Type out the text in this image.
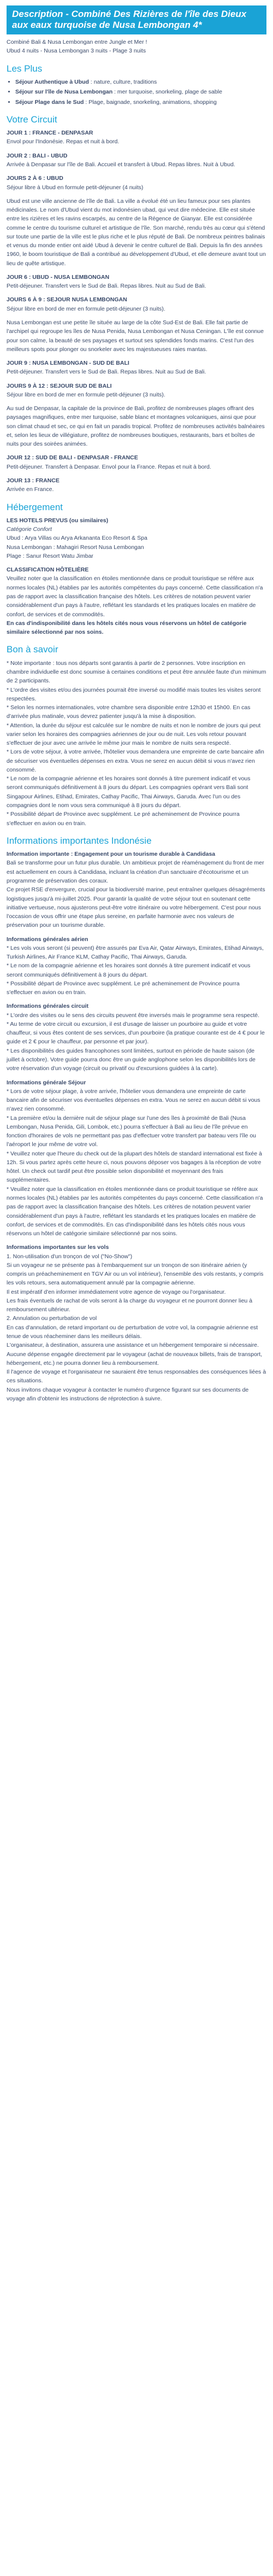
Description - Combiné Des Rizières de l'île des Dieux aux eaux turquoise de Nusa Lembongan 4*

Combiné Bali & Nusa Lembongan entre Jungle et Mer !

Ubud 4 nuits - Nusa Lembongan 3 nuits - Plage 3 nuits

Les Plus
• Séjour Authentique à Ubud : nature, culture, traditions
• Séjour sur l'île de Nusa Lembongan : mer turquoise, snorkeling, plage de sable
• Séjour Plage dans le Sud : Plage, baignade, snorkeling, animations, shopping
Votre Circuit
JOUR 1 : FRANCE - DENPASAR

Envol pour l'Indonésie. Repas et nuit à bord.

JOUR 2 : BALI - UBUD

Arrivée à Denpasar sur l'île de Bali. Accueil et transfert à Ubud. Repas libres. Nuit à Ubud.

JOURS 2 À 6 : UBUD

Séjour libre à Ubud en formule petit-déjeuner (4 nuits)

Ubud est une ville ancienne de l'île de Bali. La ville a évolué été un lieu fameux pour ses plantes médicinales. Le nom d'Ubud vient du mot indonésien ubad, qui veut dire médecine. Elle est située entre les rizières et les ravins escarpés, au centre de la Régence de Gianyar. Elle est considérée comme le centre du tourisme culturel et artistique de l'île. Son marché, rendu très au cœur qui s'étend sur toute une partie de la ville est le plus riche et le plus réputé de Bali. De nombreux peintres balinais et venus du monde entier ont aidé Ubud à devenir le centre culturel de Bali. Depuis la fin des années 1960, le boom touristique de Bali a contribué au développement d'Ubud, et elle demeure avant tout un lieu de quête artistique.

JOUR 6 : UBUD - NUSA LEMBONGAN

Petit-déjeuner. Transfert vers le Sud de Bali. Repas libres. Nuit au Sud de Bali.

JOURS 6 À 9 : SEJOUR NUSA LEMBONGAN

Séjour libre en bord de mer en formule petit-déjeuner (3 nuits).

Nusa Lembongan est une petite île située au large de la côte Sud-Est de Bali. Elle fait partie de l'archipel qui regroupe les îles de Nusa Penida, Nusa Lembongan et Nusa Ceningan. L'île est connue pour son calme, la beauté de ses paysages et surtout ses splendides fonds marins. C'est l'un des meilleurs spots pour plonger ou snorkeler avec les majestueuses raies mantas.

JOUR 9 : NUSA LEMBONGAN - SUD DE BALI

Petit-déjeuner. Transfert vers le Sud de Bali. Repas libres. Nuit au Sud de Bali.

JOURS 9 À 12 : SEJOUR SUD DE BALI

Séjour libre en bord de mer en formule petit-déjeuner (3 nuits).

Au sud de Denpasar, la capitale de la province de Bali, profitez de nombreuses plages offrant des paysages magnifiques, entre mer turquoise, sable blanc et montagnes volcaniques, ainsi que pour son climat chaud et sec, ce qui en fait un paradis tropical. Profitez de nombreuses activités balnéaires et, selon les lieux de villégiature, profitez de nombreuses boutiques, restaurants, bars et boîtes de nuits pour des soirées animées.

JOUR 12 : SUD DE BALI - DENPASAR - FRANCE

Petit-déjeuner. Transfert à Denpasar. Envol pour la France. Repas et nuit à bord.

JOUR 13 : FRANCE

Arrivée en France.

Hébergement

LES HOTELS PREVUS (ou similaires)

Catégorie Confort

Ubud : Arya Villas ou Arya Arkananta Eco Resort & Spa

Nusa Lembongan : Mahagiri Resort Nusa Lembongan

Plage : Sanur Resort Watu Jimbar

CLASSIFICATION HÔTELIÈRE

Veuillez noter que la classification en étoiles mentionnée dans ce produit touristique se réfère aux normes locales (NL) établies par les autorités compétentes du pays concerné. Cette classification n'a pas de rapport avec la classification française des hôtels. Les critères de notation peuvent varier considérablement d'un pays à l'autre, reflétant les standards et les pratiques locales en matière de confort, de services et de commodités.

En cas d'indisponibilité dans les hôtels cités nous vous réservons un hôtel de catégorie similaire sélectionné par nos soins.

Bon à savoir

* Note importante : tous nos départs sont garantis à partir de 2 personnes. Votre inscription en chambre individuelle est donc soumise à certaines conditions et peut être annulée faute d'un minimum de 2 participants.

* L'ordre des visites et/ou des journées pourrait être inversé ou modifié mais toutes les visites seront respectées.

* Selon les normes internationales, votre chambre sera disponible entre 12h30 et 15h00. En cas d'arrivée plus matinale, vous devrez patienter jusqu'à la mise à disposition.

* Attention, la durée du séjour est calculée sur le nombre de nuits et non le nombre de jours qui peut varier selon les horaires des compagnies aériennes de jour ou de nuit. Les vols retour pouvant s'effectuer de jour avec une arrivée le même jour mais le nombre de nuits sera respecté.

* Lors de votre séjour, à votre arrivée, l'hôtelier vous demandera une empreinte de carte bancaire afin de sécuriser vos éventuelles dépenses en extra. Vous ne serez en aucun débit si vous n'avez rien consommé.

* Le nom de la compagnie aérienne et les horaires sont donnés à titre purement indicatif et vous seront communiqués définitivement à 8 jours du départ. Les compagnies opérant vers Bali sont Singapour Airlines, Etihad, Emirates, Cathay Pacific, Thai Airways, Garuda. Avec l'un ou des compagnies dont le nom vous sera communiqué à 8 jours du départ.

* Possibilité départ de Province avec supplément. Le pré acheminement de Province pourra s'effectuer en avion ou en train.

Informations importantes Indonésie

Information importante : Engagement pour un tourisme durable à Candidasa

Bali se transforme pour un futur plus durable. Un ambitieux projet de réaménagement du front de mer est actuellement en cours à Candidasa, incluant la création d'un sanctuaire d'écotourisme et un programme de préservation des coraux.

Ce projet RSE d'envergure, crucial pour la biodiversité marine, peut entraîner quelques désagréments logistiques jusqu'à mi-juillet 2025. Pour garantir la qualité de votre séjour tout en soutenant cette initiative vertueuse, nous ajusterons peut-être votre itinéraire ou votre hébergement. C'est pour nous l'occasion de vous offrir une étape plus sereine, en parfaite harmonie avec nos valeurs de préservation pour un tourisme durable.

Informations générales aérien

* Les vols vous seront (si peuvent) être assurés par Eva Air, Qatar Airways, Emirates, Etihad Airways, Turkish Airlines, Air France KLM, Cathay Pacific, Thai Airways, Garuda.

* Le nom de la compagnie aérienne et les horaires sont donnés à titre purement indicatif et vous seront communiqués définitivement à 8 jours du départ.

* Possibilité départ de Province avec supplément. Le pré acheminement de Province pourra s'effectuer en avion ou en train.

Informations générales circuit

* L'ordre des visites ou le sens des circuits peuvent être inversés mais le programme sera respecté.

* Au terme de votre circuit ou excursion, il est d'usage de laisser un pourboire au guide et votre chauffeur, si vous êtes content de ses services, d'un pourboire (la pratique courante est de 4 € pour le guide et 2 € pour le chauffeur, par personne et par jour).

* Les disponibilités des guides francophones sont limitées, surtout en période de haute saison (de juillet à octobre). Votre guide pourra donc être un guide anglophone selon les disponibilités lors de votre réservation d'un voyage (circuit ou privatif ou d'excursions guidées à la carte).

Informations générale Séjour

* Lors de votre séjour plage, à votre arrivée, l'hôtelier vous demandera une empreinte de carte bancaire afin de sécuriser vos éventuelles dépenses en extra. Vous ne serez en aucun débit si vous n'avez rien consommé.

* La première et/ou la dernière nuit de séjour plage sur l'une des îles à proximité de Bali (Nusa Lembongan, Nusa Penida, Gili, Lombok, etc.) pourra s'effectuer à Bali au lieu de l'île prévue en fonction d'horaires de vols ne permettant pas pas d'effectuer votre transfert par bateau vers l'île ou l'aéroport le jour même de votre vol.

* Veuillez noter que l'heure du check out de la plupart des hôtels de standard international est fixée à 12h. Si vous partez après cette heure ci, nous pouvons déposer vos bagages à la réception de votre hôtel. Un check out tardif peut être possible selon disponibilité et moyennant des frais supplémentaires.

* Veuillez noter que la classification en étoiles mentionnée dans ce produit touristique se réfère aux normes locales (NL) établies par les autorités compétentes du pays concerné. Cette classification n'a pas de rapport avec la classification française des hôtels. Les critères de notation peuvent varier considérablement d'un pays à l'autre, reflétant les standards et les pratiques locales en matière de confort, de services et de commodités. En cas d'indisponibilité dans les hôtels cités nous vous réservons un hôtel de catégorie similaire sélectionné par nos soins.

Informations importantes sur les vols

1. Non-utilisation d'un tronçon de vol ("No-Show")

Si un voyageur ne se présente pas à l'embarquement sur un tronçon de son itinéraire aérien (y compris un préacheminement en TGV Air ou un vol intérieur), l'ensemble des vols restants, y compris les vols retours, sera automatiquement annulé par la compagnie aérienne.

Il est impératif d'en informer immédiatement votre agence de voyage ou l'organisateur.

Les frais éventuels de rachat de vols seront à la charge du voyageur et ne pourront donner lieu à remboursement ultérieur.

2. Annulation ou perturbation de vol

En cas d'annulation, de retard important ou de perturbation de votre vol, la compagnie aérienne est tenue de vous réacheminer dans les meilleurs délais.

L'organisateur, à destination, assurera une assistance et un hébergement temporaire si nécessaire.

Aucune dépense engagée directement par le voyageur (achat de nouveaux billets, frais de transport, hébergement, etc.) ne pourra donner lieu à remboursement.

Il l'agence de voyage et l'organisateur ne sauraient être tenus responsables des conséquences liées à ces situations.

Nous invitons chaque voyageur à contacter le numéro d'urgence figurant sur ses documents de voyage afin d'obtenir les instructions de réprotection à suivre.
